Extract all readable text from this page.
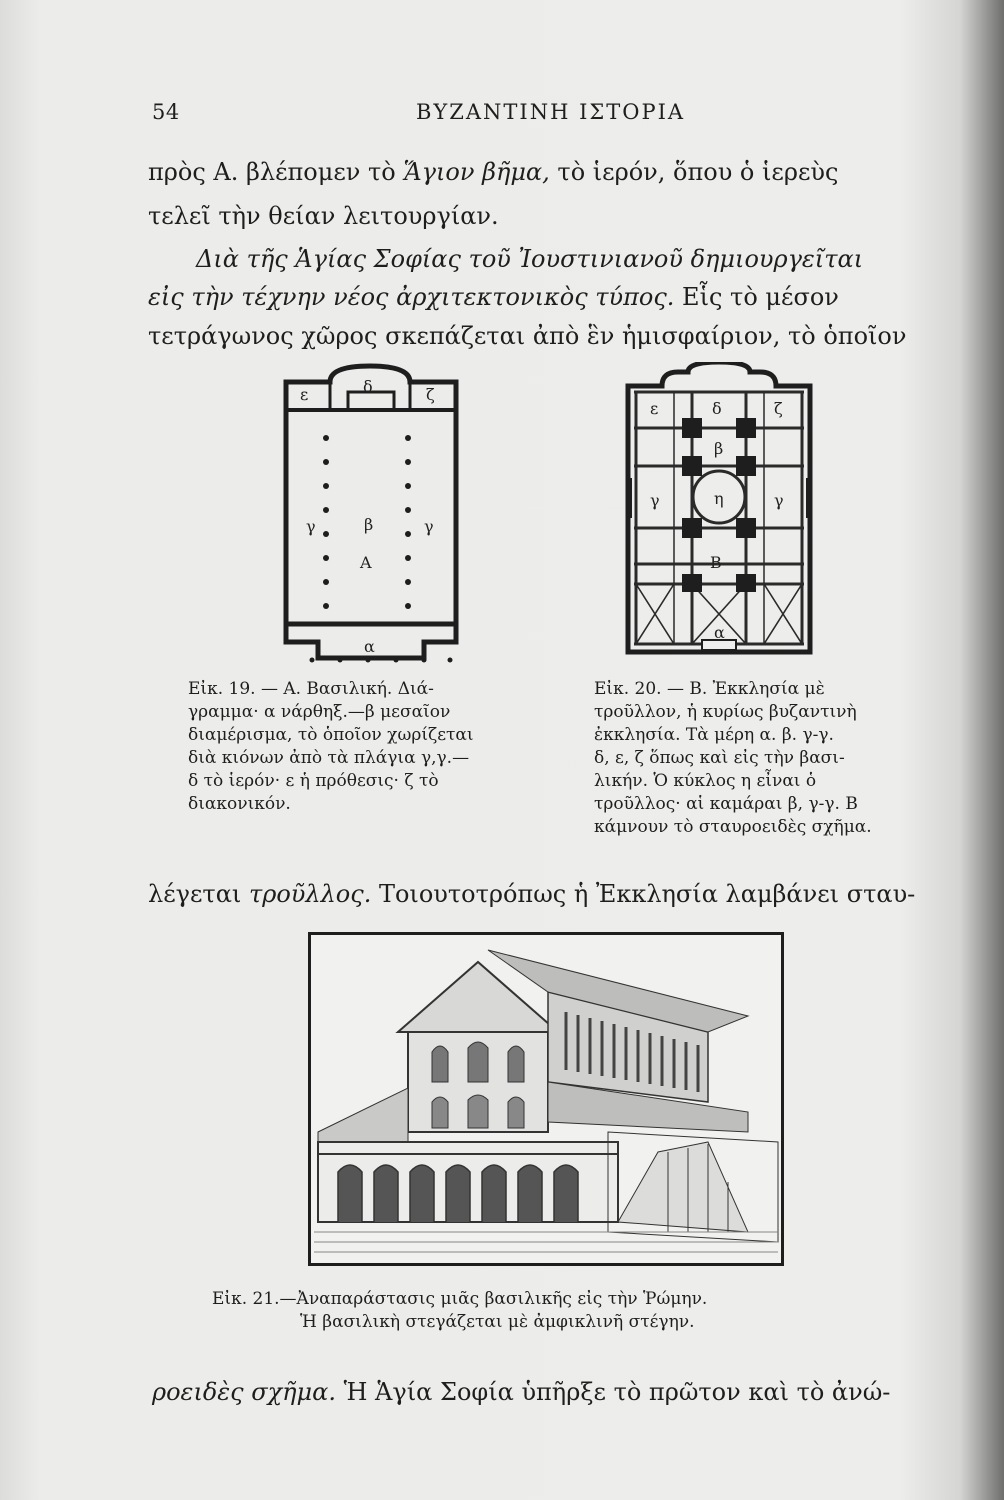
54	ΒΥΖΑΝΤΙΝΗ ΙΣΤΟΡΙΑ
πρὸς Α. βλέπομεν τὸ Ἅγιον βῆμα, τὸ ἱερόν, ὅπου ὁ ἱερεὺς
τελεῖ τὴν θείαν λειτουργίαν.
Διὰ τῆς Ἁγίας Σοφίας τοῦ Ἰουστινιανοῦ δημιουργεῖται
εἰς τὴν τέχνην νέος ἀρχιτεκτονικὸς τύπος. Εἷς τὸ μέσον
τετράγωνος χῶρος σκεπάζεται ἀπὸ ἓν ἡμισφαίριον, τὸ ὁποῖον
ε	δ	ζ
β
γ	γ
Α
α
ε	δ	ζ
β
γ	η	γ
Β
α
Εἰκ. 19. — Α. Βασιλική. Διά-
γραμμα· α νάρθηξ.—β μεσαῖον
διαμέρισμα, τὸ ὁποῖον χωρίζεται
διὰ κιόνων ἀπὸ τὰ πλάγια γ,γ.—
δ τὸ ἱερόν· ε ἡ πρόθεσις· ζ τὸ
διακονικόν.
Εἰκ. 20. — Β. Ἐκκλησία μὲ
τροῦλλον, ἡ κυρίως βυζαντινὴ
ἐκκλησία. Τὰ μέρη α. β. γ-γ.
δ, ε, ζ ὅπως καὶ εἰς τὴν βασι-
λικήν. Ὁ κύκλος η εἶναι ὁ
τροῦλλος· αἱ καμάραι β, γ-γ. Β
κάμνουν τὸ σταυροειδὲς σχῆμα.
λέγεται τροῦλλος. Τοιουτοτρόπως ἡ Ἐκκλησία λαμβάνει σταυ-
Εἰκ. 21.—Ἀναπαράστασις μιᾶς βασιλικῆς εἰς τὴν Ῥώμην.
Ἡ βασιλικὴ στεγάζεται μὲ ἀμφικλινῆ στέγην.
ροειδὲς σχῆμα. Ἡ Ἁγία Σοφία ὑπῆρξε τὸ πρῶτον καὶ τὸ ἀνώ-
